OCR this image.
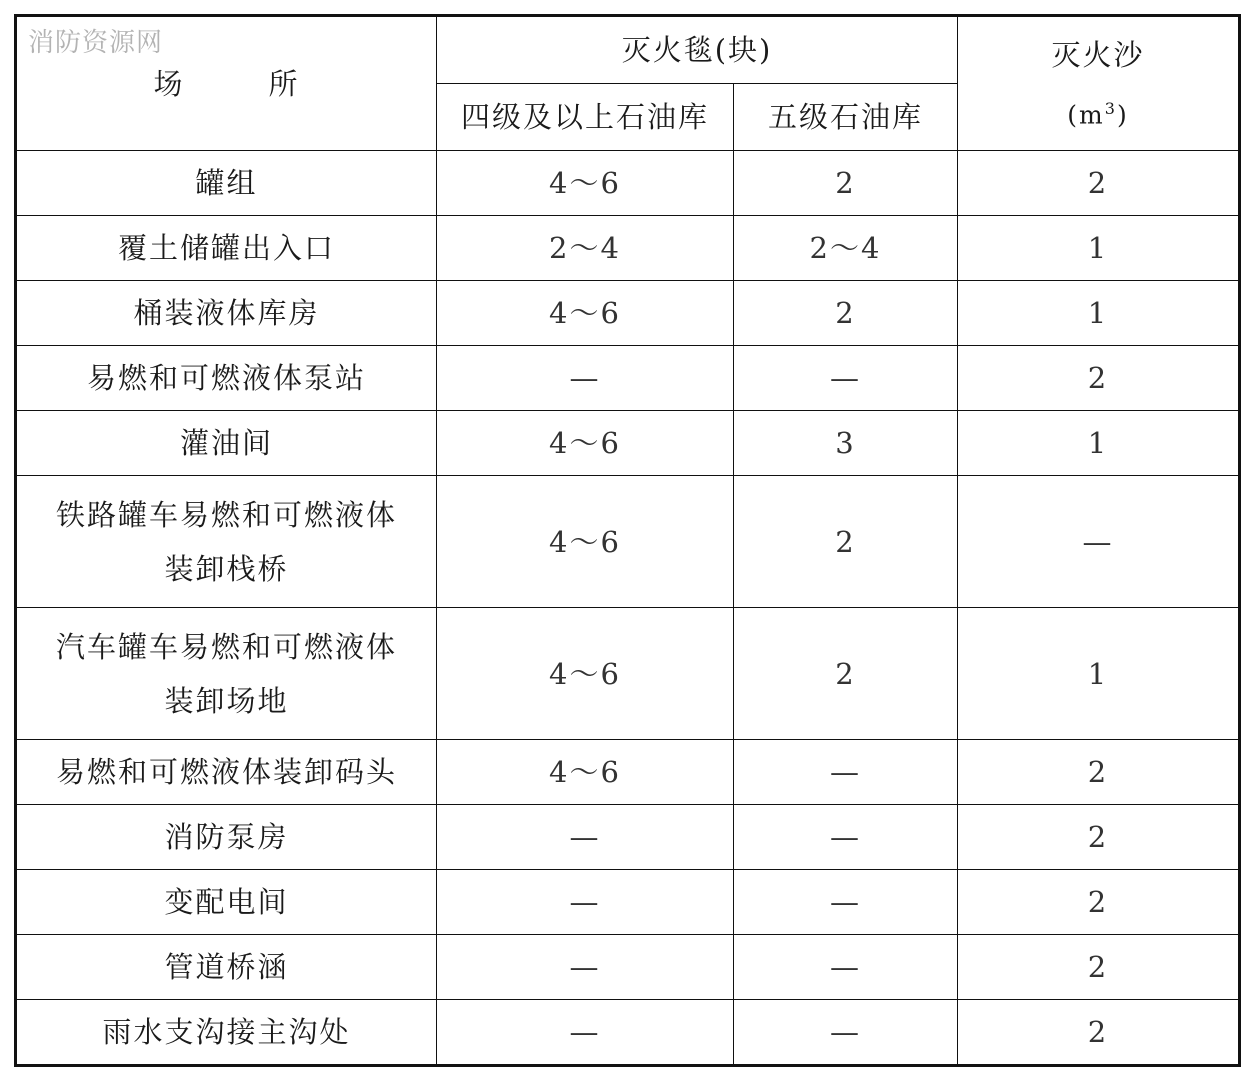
消防资源网
场 所	灭火毯(块)		灭火沙
$(m^3)$

	四级及以上石油库	五级石油库	

罐组	4～6	2	2

覆土储罐出入口	2～4	2～4	1

桶装液体库房	4～6	2	1

易燃和可燃液体泵站	—	—	2

灌油间	4～6	3	1

铁路罐车易燃和可燃液体
装卸栈桥	4～6	2	—

汽车罐车易燃和可燃液体
装卸场地	4～6	2	1

易燃和可燃液体装卸码头	4～6	—	2

消防泵房	—	—	2

变配电间	—	—	2

管道桥涵	—	—	2

雨水支沟接主沟处	—	—	2
